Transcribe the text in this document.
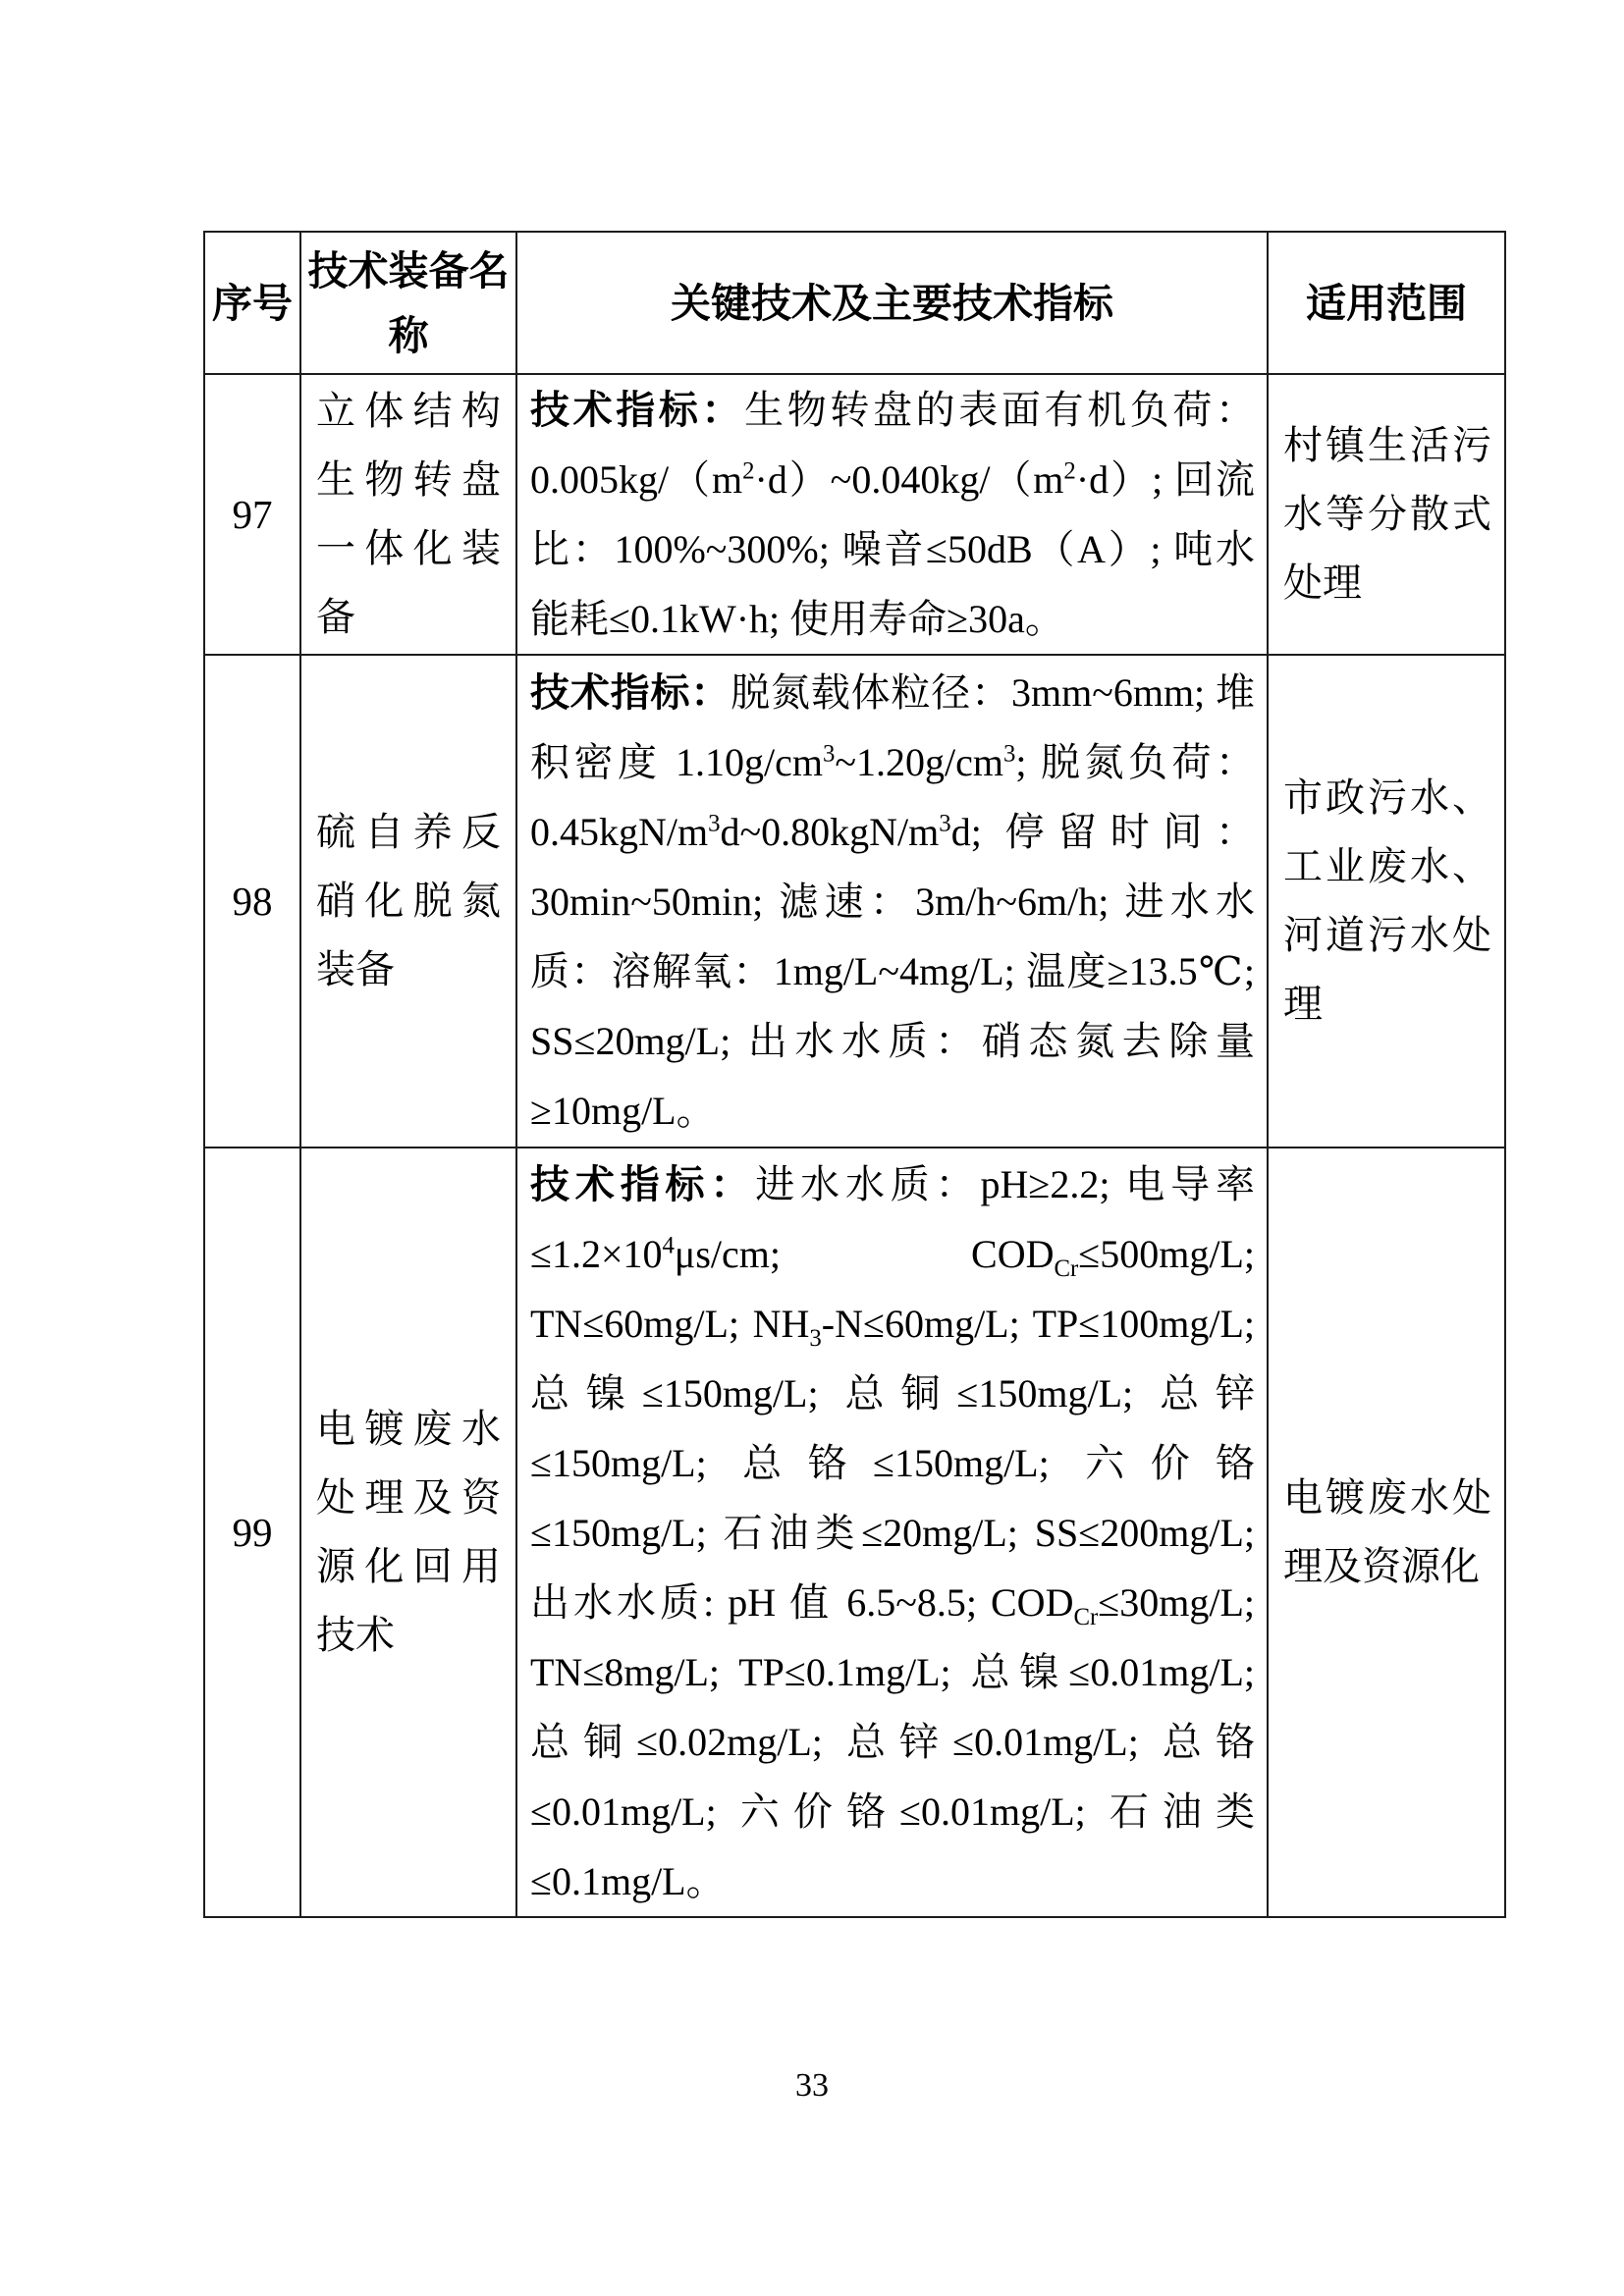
序号	技术装备名称	关键技术及主要技术指标	适用范围
97	立体结构生物转盘一体化装备	技术指标：生物转盘的表面有机负荷：$0.005kg/(m^2\cdot d)\sim 0.040kg/(m^2\cdot d)$; 回流比：100%~300%; 噪音≤50dB（A）; 吨水能耗≤0.1kW·h; 使用寿命≥30a。	村镇生活污水等分散式处理
98	硫自养反硝化脱氮装备	技术指标：脱氮载体粒径：3mm~6mm; 堆积密度 $1.10g/cm^3\sim 1.20g/cm^3$; 脱氮负荷：$0.45kgN/m^3d\sim 0.80kgN/m^3d$; 停留时间：30min~50min; 滤速：3m/h~6m/h; 进水水质：溶解氧：1mg/L~4mg/L; 温度≥13.5℃; SS≤20mg/L; 出水水质：硝态氮去除量≥10mg/L。	市政污水、工业废水、河道污水处理
99	电镀废水处理及资源化回用技术	技术指标：进水水质：pH≥2.2; 电导率$\le 1.2\times 10^4\mu s/cm$; $COD_{Cr}\le 500mg/L$; TN≤60mg/L; $NH_3-N\le 60mg/L$; TP≤100mg/L; 总镍≤150mg/L; 总铜≤150mg/L; 总锌≤150mg/L; 总铬≤150mg/L; 六价铬≤150mg/L; 石油类≤20mg/L; SS≤200mg/L; 出水水质: pH 值 6.5~8.5; $COD_{Cr}\le 30mg/L$; TN≤8mg/L; TP≤0.1mg/L; 总镍≤0.01mg/L; 总铜≤0.02mg/L; 总锌≤0.01mg/L; 总铬≤0.01mg/L; 六价铬≤0.01mg/L; 石油类≤0.1mg/L。	电镀废水处理及资源化
33
